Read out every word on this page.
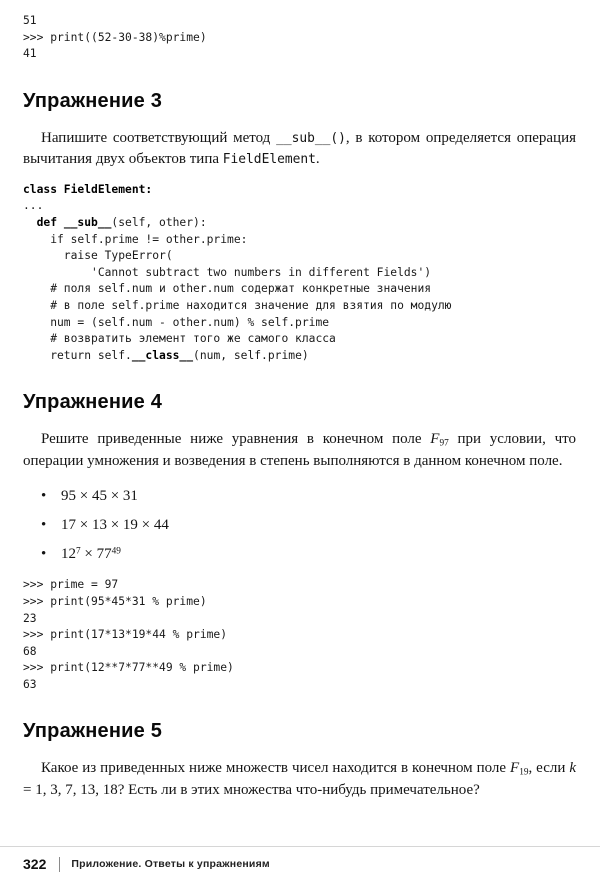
51
>>> print((52-30-38)%prime)
41
Упражнение 3

Напишите соответствующий метод __sub__(), в котором определяется операция вычитания двух объектов типа FieldElement.

class FieldElement:
...
def __sub__(self, other):
if self.prime != other.prime:
raise TypeError(
'Cannot subtract two numbers in different Fields')
# поля self.num и other.num содержат конкретные значения
# в поле self.prime находится значение для взятия по модулю
num = (self.num - other.num) % self.prime
# возвратить элемент того же самого класса
return self.__class__(num, self.prime)
Упражнение 4

Решите приведенные ниже уравнения в конечном поле F97 при условии, что операции умножения и возведения в степень выполняются в данном конечном поле.

• 95 × 45 × 31
• 17 × 13 × 19 × 44
• $12^7 \times 77^{49}$
>>> prime = 97
>>> print(95*45*31 % prime)
23
>>> print(17*13*19*44 % prime)
68
>>> print(12**7*77**49 % prime)
63
Упражнение 5

Какое из приведенных ниже множеств чисел находится в конечном поле F19, если k = 1, 3, 7, 13, 18? Есть ли в этих множества что-нибудь примечательное?

322 Приложение. Ответы к упражнениям
